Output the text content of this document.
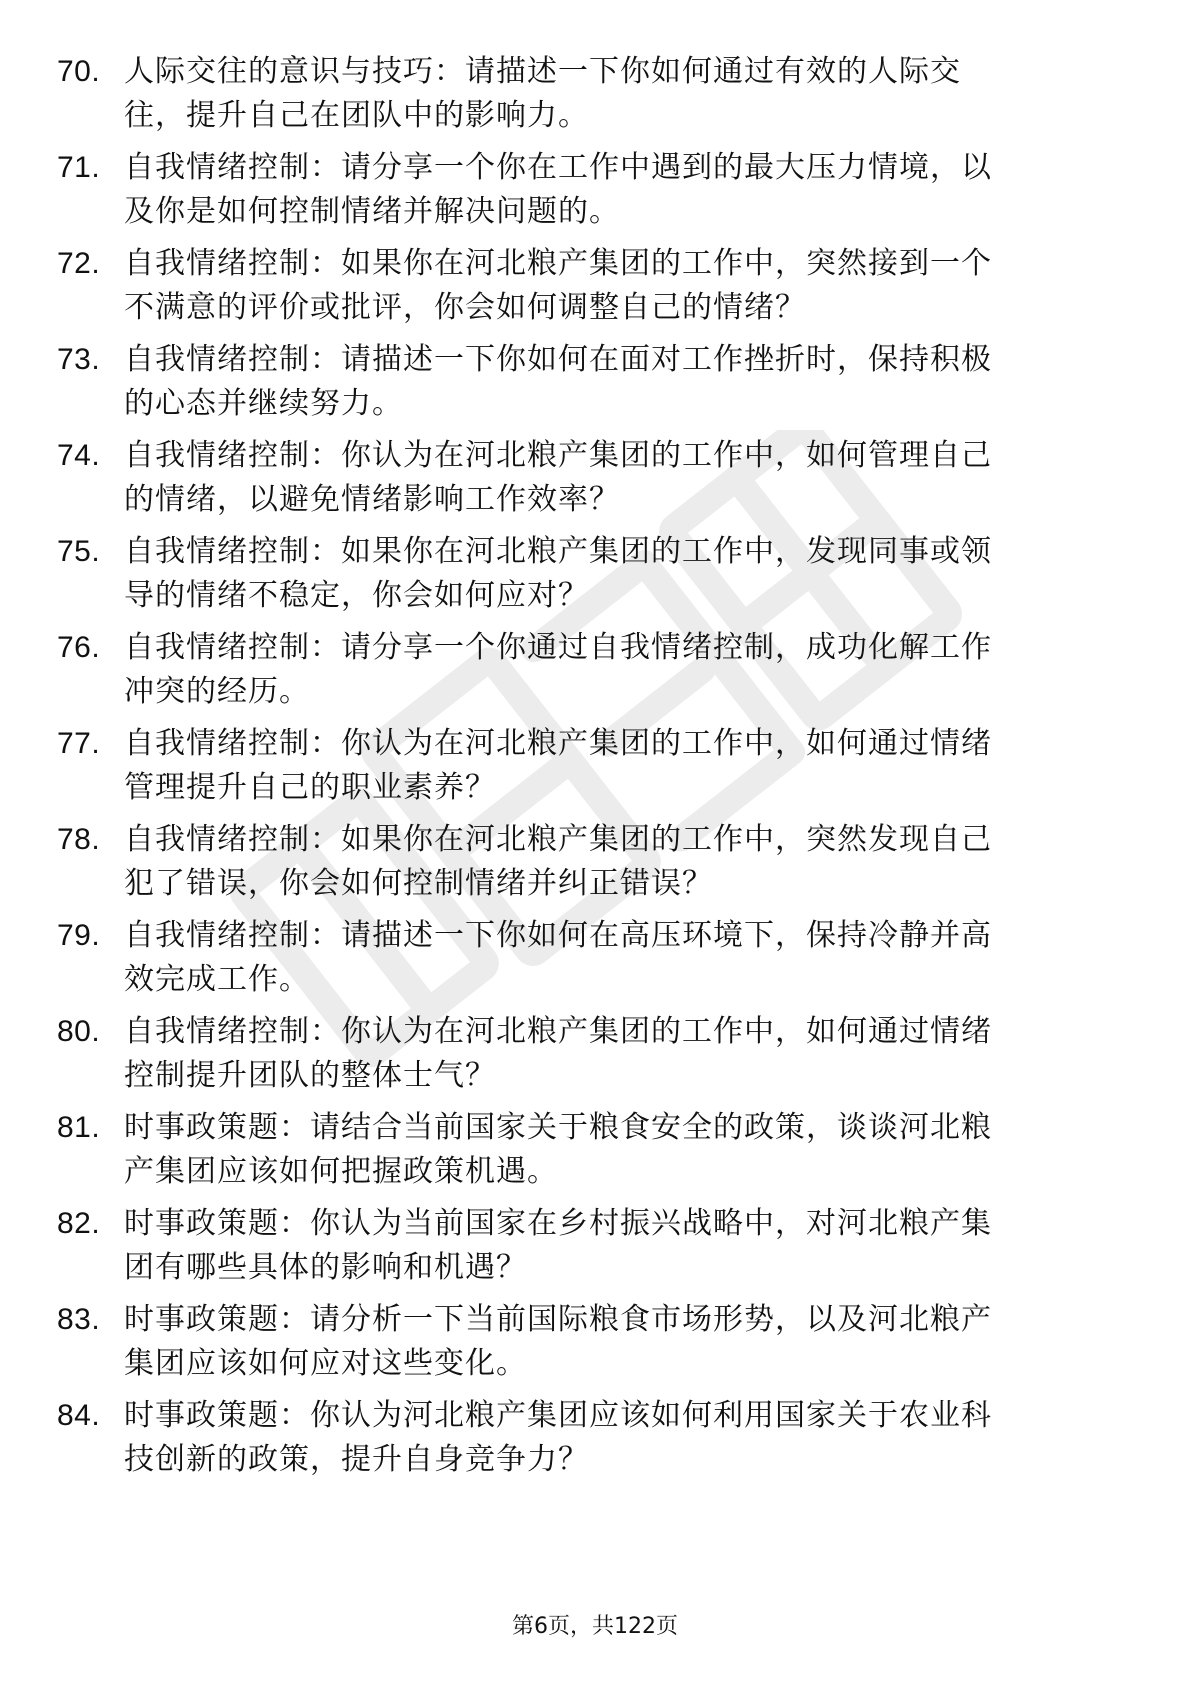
70. 人际交往的意识与技巧：请描述一下你如何通过有效的人际交
往，提升自己在团队中的影响力。
71. 自我情绪控制：请分享一个你在工作中遇到的最大压力情境，以
及你是如何控制情绪并解决问题的。
72. 自我情绪控制：如果你在河北粮产集团的工作中，突然接到一个
不满意的评价或批评，你会如何调整自己的情绪？
73. 自我情绪控制：请描述一下你如何在面对工作挫折时，保持积极
的心态并继续努力。
74. 自我情绪控制：你认为在河北粮产集团的工作中，如何管理自己
的情绪，以避免情绪影响工作效率？
75. 自我情绪控制：如果你在河北粮产集团的工作中，发现同事或领
导的情绪不稳定，你会如何应对？
76. 自我情绪控制：请分享一个你通过自我情绪控制，成功化解工作
冲突的经历。
77. 自我情绪控制：你认为在河北粮产集团的工作中，如何通过情绪
管理提升自己的职业素养？
78. 自我情绪控制：如果你在河北粮产集团的工作中，突然发现自己
犯了错误，你会如何控制情绪并纠正错误？
79. 自我情绪控制：请描述一下你如何在高压环境下，保持冷静并高
效完成工作。
80. 自我情绪控制：你认为在河北粮产集团的工作中，如何通过情绪
控制提升团队的整体士气？
81. 时事政策题：请结合当前国家关于粮食安全的政策，谈谈河北粮
产集团应该如何把握政策机遇。
82. 时事政策题：你认为当前国家在乡村振兴战略中，对河北粮产集
团有哪些具体的影响和机遇？
83. 时事政策题：请分析一下当前国际粮食市场形势，以及河北粮产
集团应该如何应对这些变化。
84. 时事政策题：你认为河北粮产集团应该如何利用国家关于农业科
技创新的政策，提升自身竞争力？
第6页，共122页
